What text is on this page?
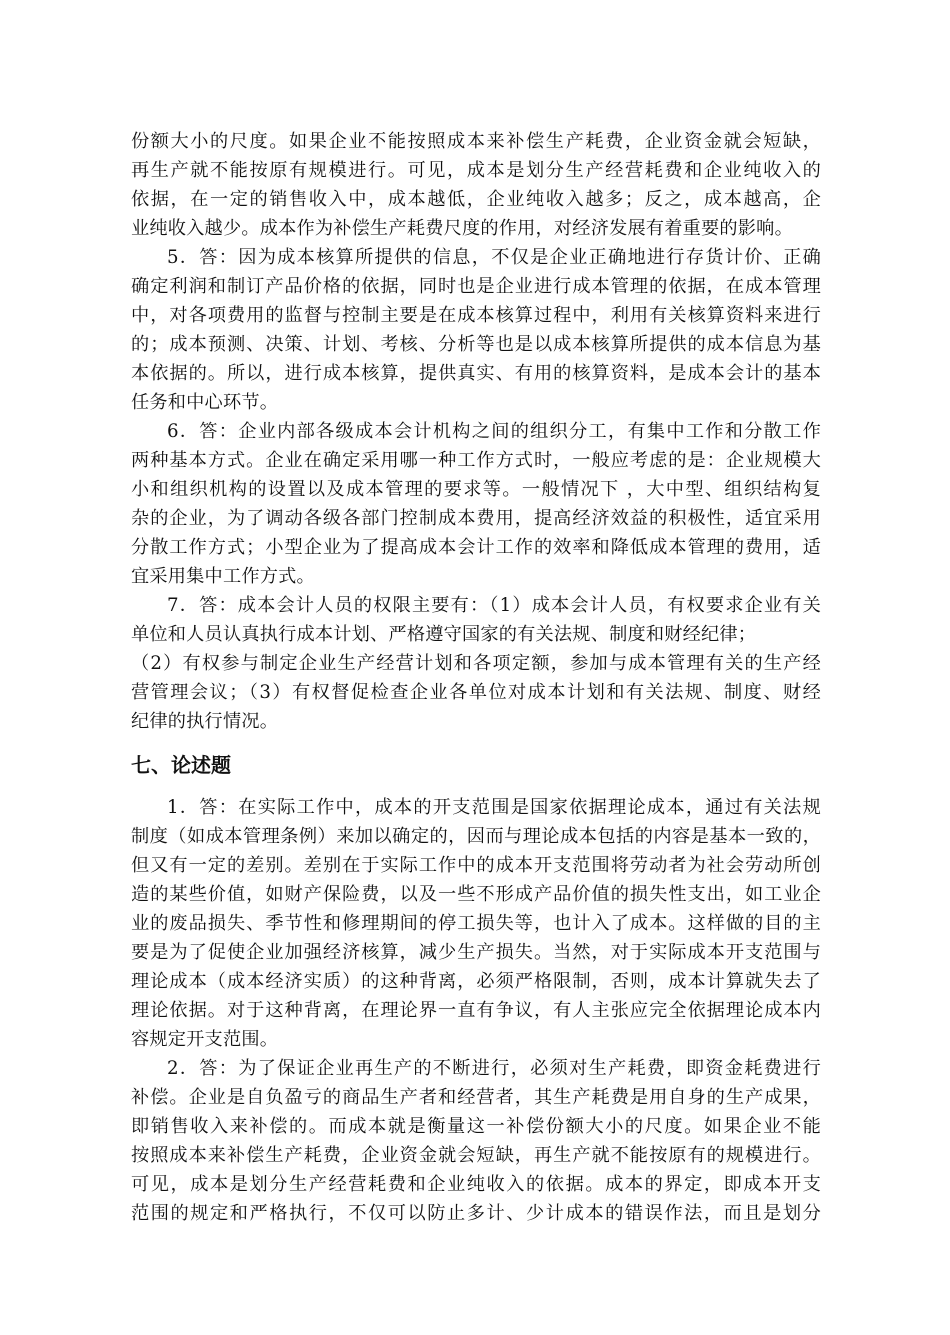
份额大小的尺度。如果企业不能按照成本来补偿生产耗费，企业资金就会短缺，
再生产就不能按原有规模进行。可见，成本是划分生产经营耗费和企业纯收入的
依据，在一定的销售收入中，成本越低，企业纯收入越多；反之，成本越高，企
业纯收入越少。成本作为补偿生产耗费尺度的作用，对经济发展有着重要的影响。
5．答：因为成本核算所提供的信息，不仅是企业正确地进行存货计价、正确
确定利润和制订产品价格的依据，同时也是企业进行成本管理的依据，在成本管理
中，对各项费用的监督与控制主要是在成本核算过程中，利用有关核算资料来进行
的；成本预测、决策、计划、考核、分析等也是以成本核算所提供的成本信息为基
本依据的。所以，进行成本核算，提供真实、有用的核算资料，是成本会计的基本
任务和中心环节。
6．答：企业内部各级成本会计机构之间的组织分工，有集中工作和分散工作
两种基本方式。企业在确定采用哪一种工作方式时，一般应考虑的是：企业规模大
小和组织机构的设置以及成本管理的要求等。一般情况下 ，大中型、组织结构复
杂的企业，为了调动各级各部门控制成本费用，提高经济效益的积极性，适宜采用
分散工作方式；小型企业为了提高成本会计工作的效率和降低成本管理的费用，适
宜采用集中工作方式。
7．答：成本会计人员的权限主要有：（1）成本会计人员，有权要求企业有关
单位和人员认真执行成本计划、严格遵守国家的有关法规、制度和财经纪律；
（2）有权参与制定企业生产经营计划和各项定额，参加与成本管理有关的生产经
营管理会议；（3）有权督促检查企业各单位对成本计划和有关法规、制度、财经
纪律的执行情况。
七、论述题
1．答：在实际工作中，成本的开支范围是国家依据理论成本，通过有关法规
制度（如成本管理条例）来加以确定的，因而与理论成本包括的内容是基本一致的，
但又有一定的差别。差别在于实际工作中的成本开支范围将劳动者为社会劳动所创
造的某些价值，如财产保险费，以及一些不形成产品价值的损失性支出，如工业企
业的废品损失、季节性和修理期间的停工损失等，也计入了成本。这样做的目的主
要是为了促使企业加强经济核算，减少生产损失。当然，对于实际成本开支范围与
理论成本（成本经济实质）的这种背离，必须严格限制，否则，成本计算就失去了
理论依据。对于这种背离，在理论界一直有争议，有人主张应完全依据理论成本内
容规定开支范围。
2．答：为了保证企业再生产的不断进行，必须对生产耗费，即资金耗费进行
补偿。企业是自负盈亏的商品生产者和经营者，其生产耗费是用自身的生产成果，
即销售收入来补偿的。而成本就是衡量这一补偿份额大小的尺度。如果企业不能
按照成本来补偿生产耗费，企业资金就会短缺，再生产就不能按原有的规模进行。
可见，成本是划分生产经营耗费和企业纯收入的依据。成本的界定，即成本开支
范围的规定和严格执行，不仅可以防止多计、少计成本的错误作法，而且是划分
